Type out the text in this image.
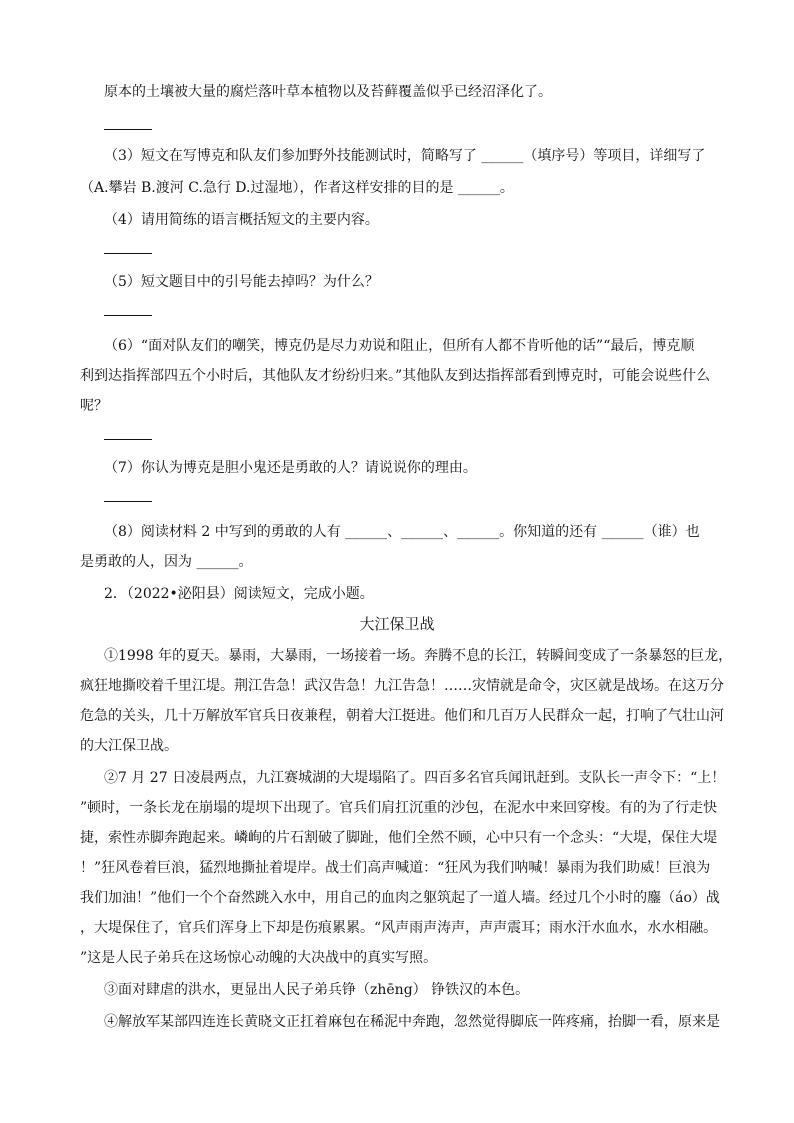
原本的土壤被大量的腐烂落叶草本植物以及苔藓覆盖似乎已经沼泽化了。
（3）短文在写博克和队友们参加野外技能测试时，简略写了 ______（填序号）等项目，详细写了
（A.攀岩 B.渡河 C.急行 D.过湿地），作者这样安排的目的是 ______。
（4）请用简练的语言概括短文的主要内容。
（5）短文题目中的引号能去掉吗？为什么？
（6）“面对队友们的嘲笑，博克仍是尽力劝说和阻止，但所有人都不肯听他的话”“最后，博克顺
利到达指挥部四五个小时后，其他队友才纷纷归来。”其他队友到达指挥部看到博克时，可能会说些什么
呢？
（7）你认为博克是胆小鬼还是勇敢的人？请说说你的理由。
（8）阅读材料 2 中写到的勇敢的人有 ______、______、______。你知道的还有 ______（谁）也
是勇敢的人，因为 ______。
2．（2022•泌阳县）阅读短文，完成小题。
①1998 年的夏天。暴雨，大暴雨，一场接着一场。奔腾不息的长江，转瞬间变成了一条暴怒的巨龙，
疯狂地撕咬着千里江堤。荆江告急！武汉告急！九江告急！……灾情就是命令，灾区就是战场。在这万分
危急的关头，几十万解放军官兵日夜兼程，朝着大江挺进。他们和几百万人民群众一起，打响了气壮山河
的大江保卫战。
②7 月 27 日凌晨两点，九江赛城湖的大堤塌陷了。四百多名官兵闻讯赶到。支队长一声令下：“上！
”顿时，一条长龙在崩塌的堤坝下出现了。官兵们肩扛沉重的沙包，在泥水中来回穿梭。有的为了行走快
捷，索性赤脚奔跑起来。嶙峋的片石割破了脚趾，他们全然不顾，心中只有一个念头：“大堤，保住大堤
！”狂风卷着巨浪，猛烈地撕扯着堤岸。战士们高声喊道：“狂风为我们呐喊！暴雨为我们助威！巨浪为
我们加油！”他们一个个奋然跳入水中，用自己的血肉之躯筑起了一道人墙。经过几个小时的鏖（áo）战
，大堤保住了，官兵们浑身上下却是伤痕累累。“风声雨声涛声，声声震耳；雨水汗水血水，水水相融。
”这是人民子弟兵在这场惊心动魄的大决战中的真实写照。
③面对肆虐的洪水，更显出人民子弟兵铮（zhēng） 铮铁汉的本色。
④解放军某部四连连长黄晓文正扛着麻包在稀泥中奔跑，忽然觉得脚底一阵疼痛，抬脚一看，原来是
大江保卫战
